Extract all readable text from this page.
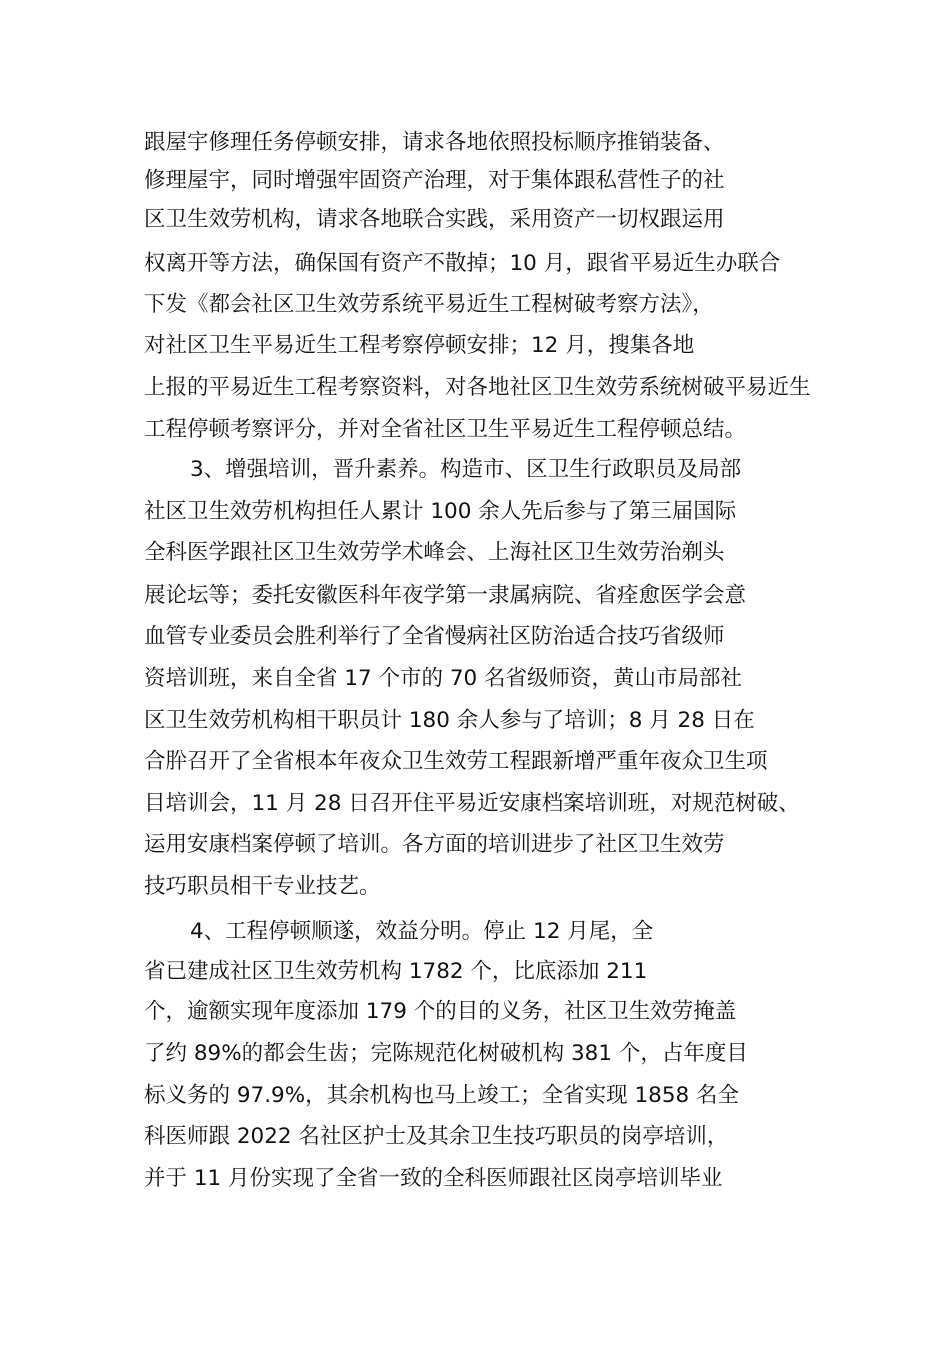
跟屋宇修理任务停顿安排，请求各地依照投标顺序推销装备、

修理屋宇，同时增强牢固资产治理，对于集体跟私营性子的社

区卫生效劳机构，请求各地联合实践，采用资产一切权跟运用

权离开等方法，确保国有资产不散掉；10 月，跟省平易近生办联合

下发《都会社区卫生效劳系统平易近生工程树破考察方法》，

对社区卫生平易近生工程考察停顿安排；12 月，搜集各地

上报的平易近生工程考察资料，对各地社区卫生效劳系统树破平易近生

工程停顿考察评分，并对全省社区卫生平易近生工程停顿总结。

3、增强培训，晋升素养。构造市、区卫生行政职员及局部

社区卫生效劳机构担任人累计 100 余人先后参与了第三届国际

全科医学跟社区卫生效劳学术峰会、上海社区卫生效劳治剃头

展论坛等；委托安徽医科年夜学第一隶属病院、省痊愈医学会意

血管专业委员会胜利举行了全省慢病社区防治适合技巧省级师

资培训班，来自全省 17 个市的 70 名省级师资，黄山市局部社

区卫生效劳机构相干职员计 180 余人参与了培训；8 月 28 日在

合肸召开了全省根本年夜众卫生效劳工程跟新增严重年夜众卫生项

目培训会，11 月 28 日召开住平易近安康档案培训班，对规范树破、

运用安康档案停顿了培训。各方面的培训进步了社区卫生效劳

技巧职员相干专业技艺。

4、工程停顿顺遂，效益分明。停止 12 月尾，全

省已建成社区卫生效劳机构 1782 个，比底添加 211

个，逾额实现年度添加 179 个的目的义务，社区卫生效劳掩盖

了约 89%的都会生齿；完陈规范化树破机构 381 个，占年度目

标义务的 97.9%，其余机构也马上竣工；全省实现 1858 名全

科医师跟 2022 名社区护士及其余卫生技巧职员的岗亭培训，

并于 11 月份实现了全省一致的全科医师跟社区岗亭培训毕业
